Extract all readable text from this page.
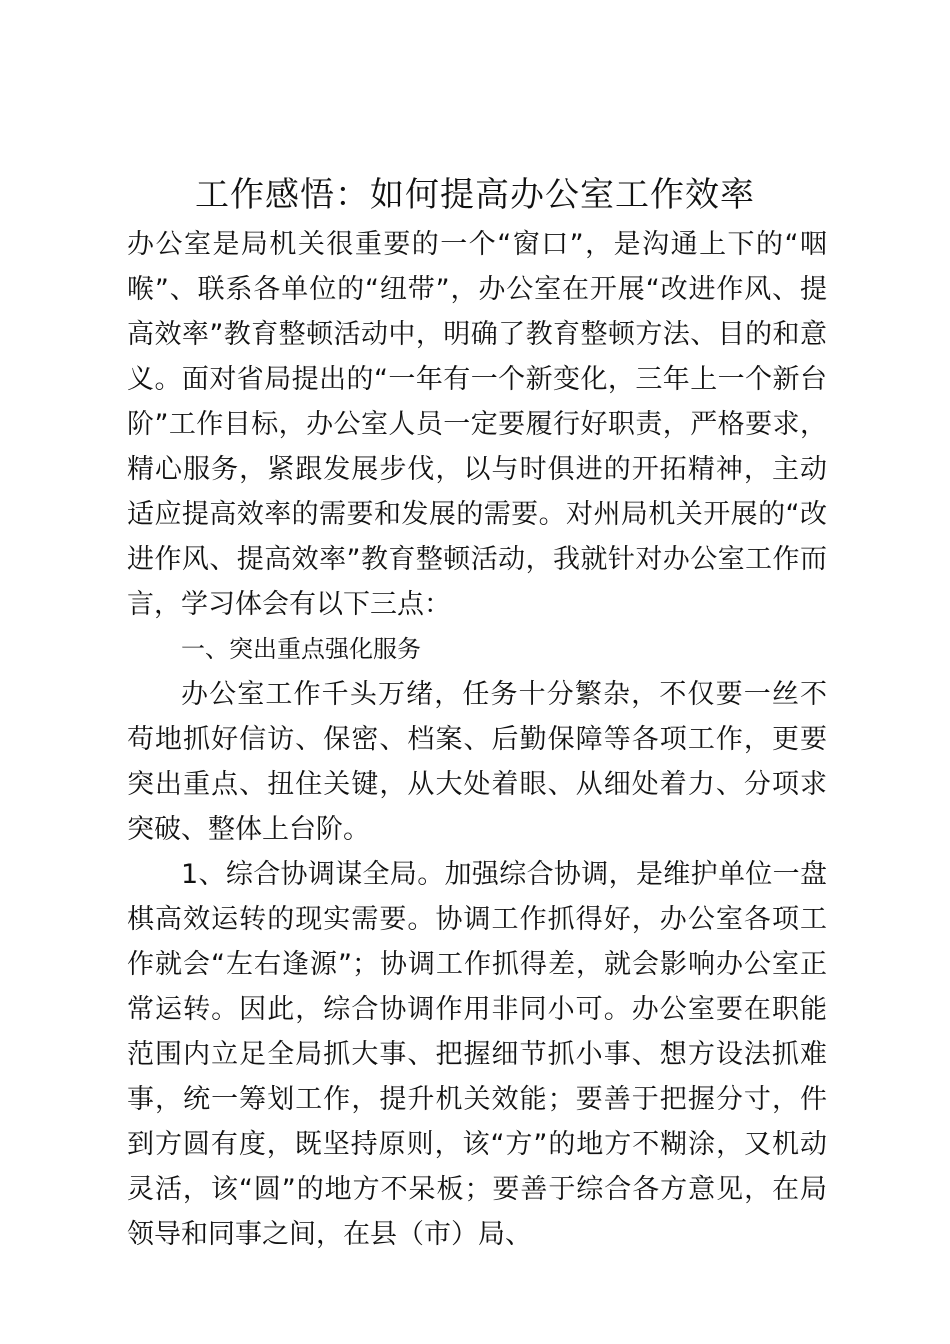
工作感悟：如何提高办公室工作效率

办公室是局机关很重要的一个“窗口”，是沟通上下的“咽喉”、联系各单位的“纽带”，办公室在开展“改进作风、提高效率”教育整顿活动中，明确了教育整顿方法、目的和意义。面对省局提出的“一年有一个新变化，三年上一个新台阶”工作目标，办公室人员一定要履行好职责，严格要求，精心服务，紧跟发展步伐，以与时俱进的开拓精神，主动适应提高效率的需要和发展的需要。对州局机关开展的“改进作风、提高效率”教育整顿活动，我就针对办公室工作而言，学习体会有以下三点：

一、突出重点强化服务

办公室工作千头万绪，任务十分繁杂，不仅要一丝不苟地抓好信访、保密、档案、后勤保障等各项工作，更要突出重点、扭住关键，从大处着眼、从细处着力、分项求突破、整体上台阶。

1、综合协调谋全局。加强综合协调，是维护单位一盘棋高效运转的现实需要。协调工作抓得好，办公室各项工作就会“左右逢源”；协调工作抓得差，就会影响办公室正常运转。因此，综合协调作用非同小可。办公室要在职能范围内立足全局抓大事、把握细节抓小事、想方设法抓难事，统一筹划工作，提升机关效能；要善于把握分寸，件到方圆有度，既坚持原则，该“方”的地方不糊涂，又机动灵活，该“圆”的地方不呆板；要善于综合各方意见，在局领导和同事之间，在县（市）局、
